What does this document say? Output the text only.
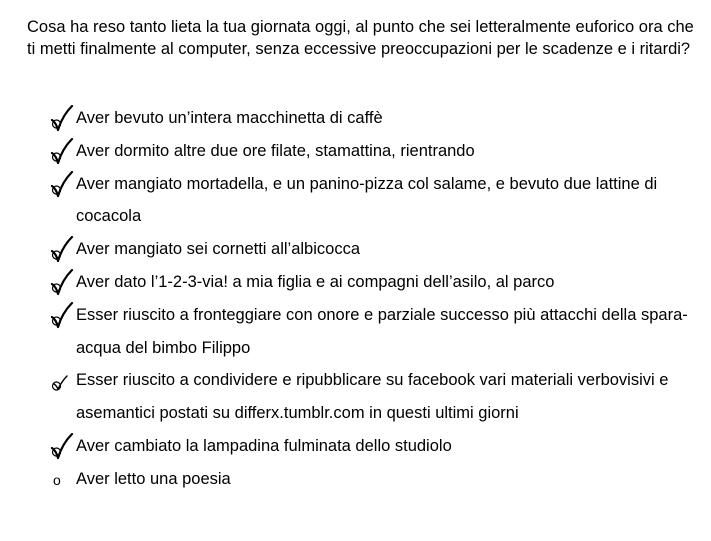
Cosa ha reso tanto lieta la tua giornata oggi, al punto che sei letteralmente euforico ora che ti metti finalmente al computer, senza eccessive preoccupazioni per le scadenze e i ritardi?

Aver bevuto un’intera macchinetta di caffè
Aver dormito altre due ore filate, stamattina, rientrando
Aver mangiato mortadella, e un panino-pizza col salame, e bevuto due lattine di cocacola
Aver mangiato sei cornetti all’albicocca
Aver dato l’1-2-3-via! a mia figlia e ai compagni dell’asilo, al parco
Esser riuscito a fronteggiare con onore e parziale successo più attacchi della spara-acqua del bimbo Filippo
Esser riuscito a condividere e ripubblicare su facebook vari materiali verbovisivi e asemantici postati su differx.tumblr.com in questi ultimi giorni
Aver cambiato la lampadina fulminata dello studiolo
o Aver letto una poesia
